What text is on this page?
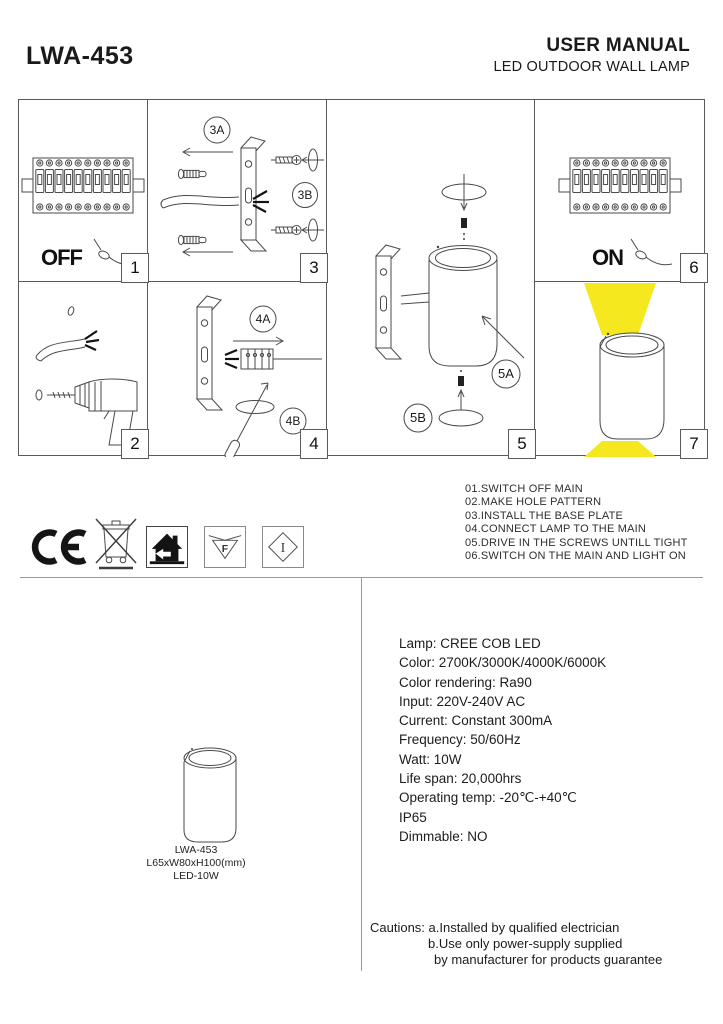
LWA-453	USER MANUAL
LED OUTDOOR WALL LAMP
OFF	1
2
3A
3B
3
4A
4B
4
5B
5A
5
ON	6
7
F	I
01.SWITCH OFF MAIN
02.MAKE HOLE PATTERN
03.INSTALL THE BASE PLATE
04.CONNECT LAMP TO THE MAIN
05.DRIVE IN THE SCREWS UNTILL TIGHT
06.SWITCH ON THE MAIN AND LIGHT ON
LWA-453
L65xW80xH100(mm)
LED-10W
Lamp: CREE COB LED
Color: 2700K/3000K/4000K/6000K
Color rendering: Ra90
Input: 220V-240V AC
Current: Constant 300mA
Frequency: 50/60Hz
Watt: 10W
Life span: 20,000hrs
Operating temp: -20℃-+40℃
IP65
Dimmable: NO
Cautions: a.Installed by qualified electrician
b.Use only power-supply supplied
by manufacturer for products guarantee
